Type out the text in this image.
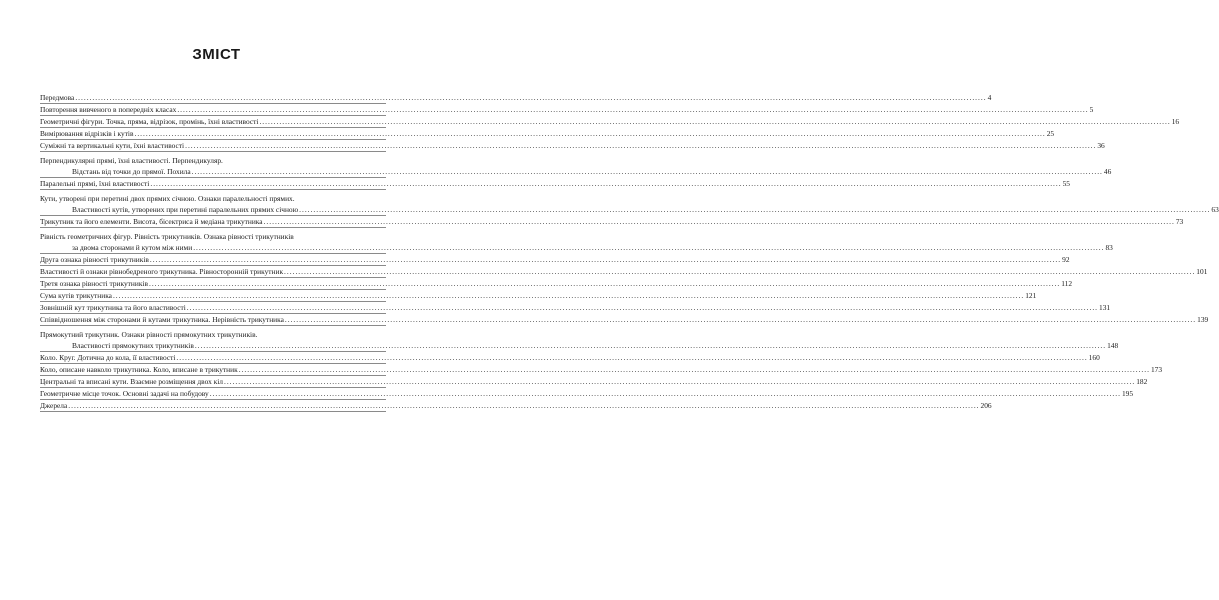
ЗМІСТ
Передмова .....	4
Повторення вивченого в попередніх класах .....	5
Геометричні фігури. Точка, пряма, відрізок, промінь, їхні властивості .....	16
Вимірювання відрізків і кутів .....	25
Суміжні та вертикальні кути, їхні властивості .....	36
Перпендикулярні прямі, їхні властивості. Перпендикуляр.
Відстань від точки до прямої. Похила .....	46
Паралельні прямі, їхні властивості .....	55
Кути, утворені при перетині двох прямих січною. Ознаки паралельності прямих.
Властивості кутів, утворених при перетині паралельних прямих січною .....	63
Трикутник та його елементи. Висота, бісектриса й медіана трикутника .....	73
Рівність геометричних фігур. Рівність трикутників. Ознака рівності трикутників
за двома сторонами й кутом між ними .....	83
Друга ознака рівності трикутників .....	92
Властивості й ознаки рівнобедреного трикутника. Рівносторонній трикутник .....	101
Третя ознака рівності трикутників .....	112
Сума кутів трикутника .....	121
Зовнішній кут трикутника та його властивості .....	131
Співвідношення між сторонами й кутами трикутника. Нерівність трикутника .....	139
Прямокутний трикутник. Ознаки рівності прямокутних трикутників.
Властивості прямокутних трикутників .....	148
Коло. Круг. Дотична до кола, її властивості .....	160
Коло, описане навколо трикутника. Коло, вписане в трикутник .....	173
Центральні та вписані кути. Взаємне розміщення двох кіл .....	182
Геометричне місце точок. Основні задачі на побудову .....	195
Джерела .....	206
